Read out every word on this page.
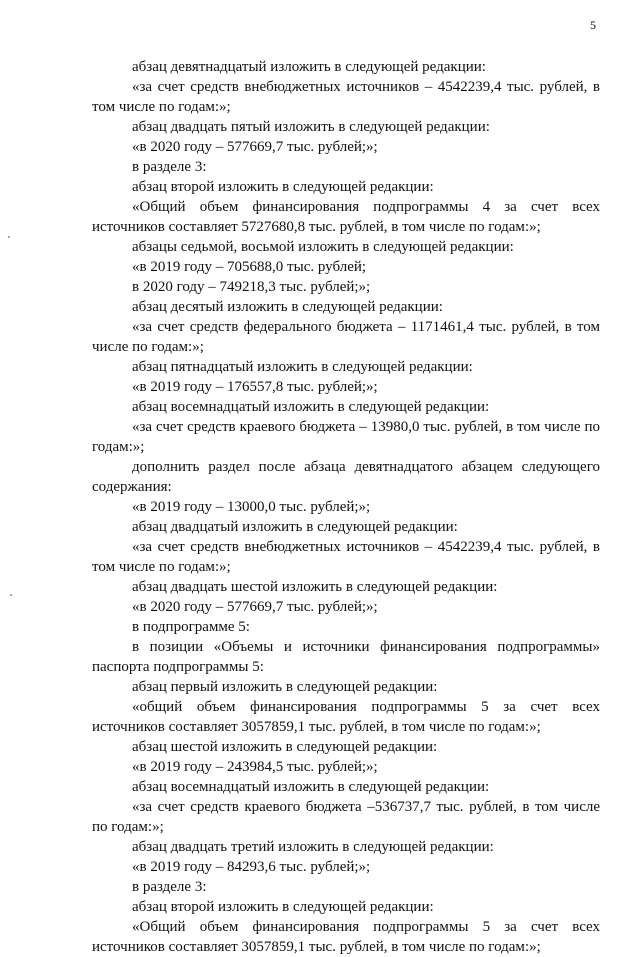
5

абзац девятнадцатый изложить в следующей редакции:

«за счет средств внебюджетных источников – 4542239,4 тыс. рублей, в том числе по годам:»;

абзац двадцать пятый изложить в следующей редакции:

«в 2020 году – 577669,7 тыс. рублей;»;

в разделе 3:

абзац второй изложить в следующей редакции:

«Общий объем финансирования подпрограммы 4 за счет всех источников составляет 5727680,8 тыс. рублей, в том числе по годам:»;

абзацы седьмой, восьмой изложить в следующей редакции:

«в 2019 году – 705688,0 тыс. рублей;

в 2020 году – 749218,3 тыс. рублей;»;

абзац десятый изложить в следующей редакции:

«за счет средств федерального бюджета – 1171461,4 тыс. рублей, в том числе по годам:»;

абзац пятнадцатый изложить в следующей редакции:

«в 2019 году – 176557,8 тыс. рублей;»;

абзац восемнадцатый изложить в следующей редакции:

«за счет средств краевого бюджета – 13980,0 тыс. рублей, в том числе по годам:»;

дополнить раздел после абзаца девятнадцатого абзацем следующего содержания:

«в 2019 году – 13000,0 тыс. рублей;»;

абзац двадцатый изложить в следующей редакции:

«за счет средств внебюджетных источников – 4542239,4 тыс. рублей, в том числе по годам:»;

абзац двадцать шестой изложить в следующей редакции:

«в 2020 году – 577669,7 тыс. рублей;»;

в подпрограмме 5:

в позиции «Объемы и источники финансирования подпрограммы» паспорта подпрограммы 5:

абзац первый изложить в следующей редакции:

«общий объем финансирования подпрограммы 5 за счет всех источников составляет 3057859,1 тыс. рублей, в том числе по годам:»;

абзац шестой изложить в следующей редакции:

«в 2019 году – 243984,5 тыс. рублей;»;

абзац восемнадцатый изложить в следующей редакции:

«за счет средств краевого бюджета –536737,7 тыс. рублей, в том числе по годам:»;

абзац двадцать третий изложить в следующей редакции:

«в 2019 году – 84293,6 тыс. рублей;»;

в разделе 3:

абзац второй изложить в следующей редакции:

«Общий объем финансирования подпрограммы 5 за счет всех источников составляет 3057859,1 тыс. рублей, в том числе по годам:»;
